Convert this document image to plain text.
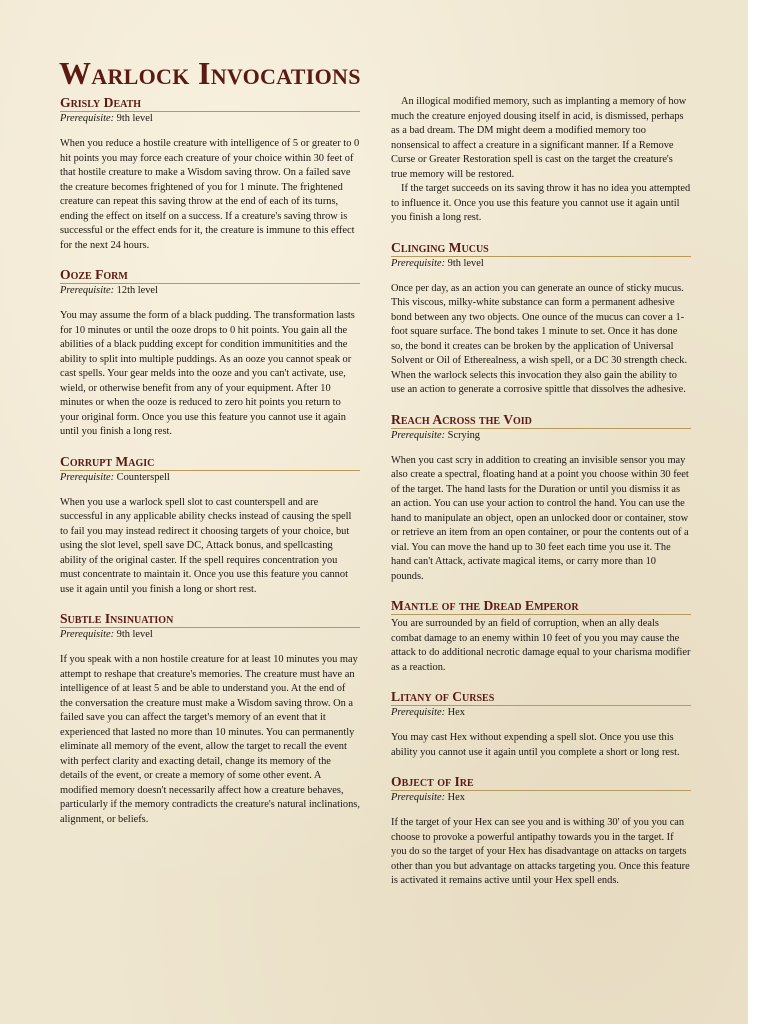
Warlock Invocations
Grisly Death

Prerequisite: 9th level

When you reduce a hostile creature with intelligence of 5 or greater to 0 hit points you may force each creature of your choice within 30 feet of that hostile creature to make a Wisdom saving throw. On a failed save the creature becomes frightened of you for 1 minute. The frightened creature can repeat this saving throw at the end of each of its turns, ending the effect on itself on a success. If a creature's saving throw is successful or the effect ends for it, the creature is immune to this effect for the next 24 hours.

Ooze Form

Prerequisite: 12th level

You may assume the form of a black pudding. The transformation lasts for 10 minutes or until the ooze drops to 0 hit points. You gain all the abilities of a black pudding except for condition immunitities and the ability to split into multiple puddings. As an ooze you cannot speak or cast spells. Your gear melds into the ooze and you can't activate, use, wield, or otherwise benefit from any of your equipment. After 10 minutes or when the ooze is reduced to zero hit points you return to your original form. Once you use this feature you cannot use it again until you finish a long rest.

Corrupt Magic

Prerequisite: Counterspell

When you use a warlock spell slot to cast counterspell and are successful in any applicable ability checks instead of causing the spell to fail you may instead redirect it choosing targets of your choice, but using the slot level, spell save DC, Attack bonus, and spellcasting ability of the original caster. If the spell requires concentration you must concentrate to maintain it. Once you use this feature you cannot use it again until you finish a long or short rest.

Subtle Insinuation

Prerequisite: 9th level

If you speak with a non hostile creature for at least 10 minutes you may attempt to reshape that creature's memories. The creature must have an intelligence of at least 5 and be able to understand you. At the end of the conversation the creature must make a Wisdom saving throw. On a failed save you can affect the target's memory of an event that it experienced that lasted no more than 10 minutes. You can permanently eliminate all memory of the event, allow the target to recall the event with perfect clarity and exacting detail, change its memory of the details of the event, or create a memory of some other event. A modified memory doesn't necessarily affect how a creature behaves, particularly if the memory contradicts the creature's natural inclinations, alignment, or beliefs.

An illogical modified memory, such as implanting a memory of how much the creature enjoyed dousing itself in acid, is dismissed, perhaps as a bad dream. The DM might deem a modified memory too nonsensical to affect a creature in a significant manner. If a Remove Curse or Greater Restoration spell is cast on the target the creature's true memory will be restored.

If the target succeeds on its saving throw it has no idea you attempted to influence it. Once you use this feature you cannot use it again until you finish a long rest.

Clinging Mucus

Prerequisite: 9th level

Once per day, as an action you can generate an ounce of sticky mucus. This viscous, milky-white substance can form a permanent adhesive bond between any two objects. One ounce of the mucus can cover a 1-foot square surface. The bond takes 1 minute to set. Once it has done so, the bond it creates can be broken by the application of Universal Solvent or Oil of Etherealness, a wish spell, or a DC 30 strength check. When the warlock selects this invocation they also gain the ability to use an action to generate a corrosive spittle that dissolves the adhesive.

Reach Across the Void

Prerequisite: Scrying

When you cast scry in addition to creating an invisible sensor you may also create a spectral, floating hand at a point you choose within 30 feet of the target. The hand lasts for the Duration or until you dismiss it as an action. You can use your action to control the hand. You can use the hand to manipulate an object, open an unlocked door or container, stow or retrieve an item from an open container, or pour the contents out of a vial. You can move the hand up to 30 feet each time you use it. The hand can't Attack, activate magical items, or carry more than 10 pounds.

Mantle of the Dread Emperor

You are surrounded by an field of corruption, when an ally deals combat damage to an enemy within 10 feet of you you may cause the attack to do additional necrotic damage equal to your charisma modifier as a reaction.

Litany of Curses

Prerequisite: Hex

You may cast Hex without expending a spell slot. Once you use this ability you cannot use it again until you complete a short or long rest.

Object of Ire

Prerequisite: Hex

If the target of your Hex can see you and is withing 30' of you you can choose to provoke a powerful antipathy towards you in the target. If you do so the target of your Hex has disadvantage on attacks on targets other than you but advantage on attacks targeting you. Once this feature is activated it remains active until your Hex spell ends.
